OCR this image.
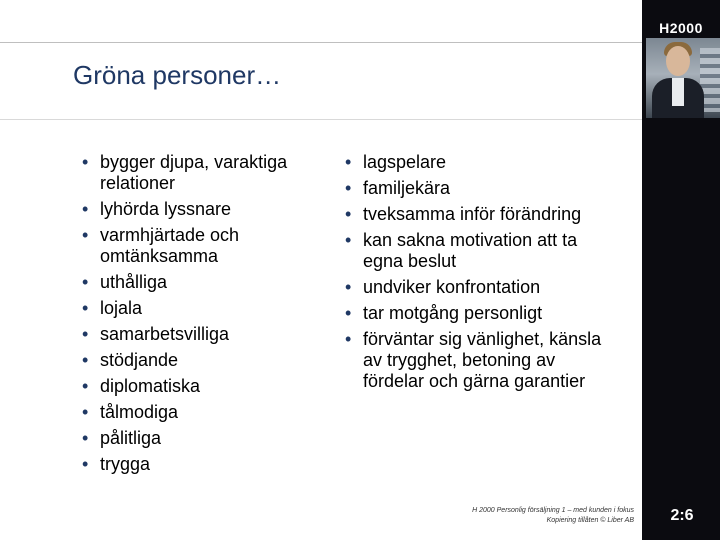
H2000
Gröna personer…
• bygger djupa, varaktiga relationer
• lyhörda lyssnare
• varmhjärtade och omtänksamma
• uthålliga
• lojala
• samarbetsvilliga
• stödjande
• diplomatiska
• tålmodiga
• pålitliga
• trygga
• lagspelare
• familjekära
• tveksamma inför förändring
• kan sakna motivation att ta egna beslut
• undviker konfrontation
• tar motgång personligt
• förväntar sig vänlighet, känsla av trygghet, betoning av fördelar och gärna garantier
H 2000 Personlig försäljning 1 – med kunden i fokus
Kopiering tillåten © Liber AB	2:6
